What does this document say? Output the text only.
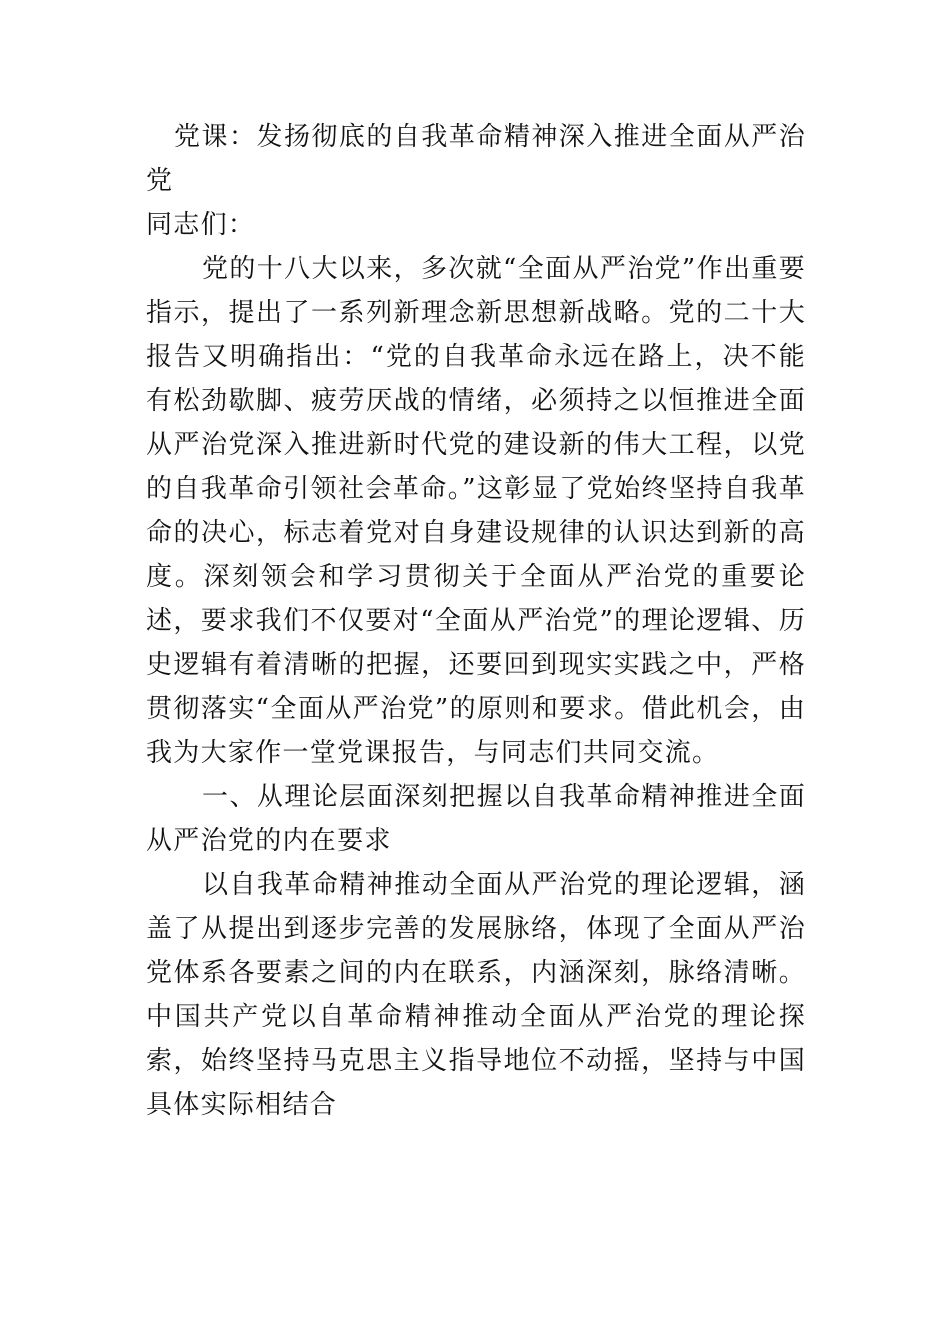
党课：发扬彻底的自我革命精神深入推进全面从严治党

同志们：

党的十八大以来，多次就“全面从严治党”作出重要指示，提出了一系列新理念新思想新战略。党的二十大报告又明确指出：“党的自我革命永远在路上，决不能有松劲歇脚、疲劳厌战的情绪，必须持之以恒推进全面从严治党深入推进新时代党的建设新的伟大工程，以党的自我革命引领社会革命。”这彰显了党始终坚持自我革命的决心，标志着党对自身建设规律的认识达到新的高度。深刻领会和学习贯彻关于全面从严治党的重要论述，要求我们不仅要对“全面从严治党”的理论逻辑、历史逻辑有着清晰的把握，还要回到现实实践之中，严格贯彻落实“全面从严治党”的原则和要求。借此机会，由我为大家作一堂党课报告，与同志们共同交流。

一、从理论层面深刻把握以自我革命精神推进全面从严治党的内在要求

以自我革命精神推动全面从严治党的理论逻辑，涵盖了从提出到逐步完善的发展脉络，体现了全面从严治党体系各要素之间的内在联系，内涵深刻，脉络清晰。中国共产党以自革命精神推动全面从严治党的理论探索，始终坚持马克思主义指导地位不动摇，坚持与中国具体实际相结合
